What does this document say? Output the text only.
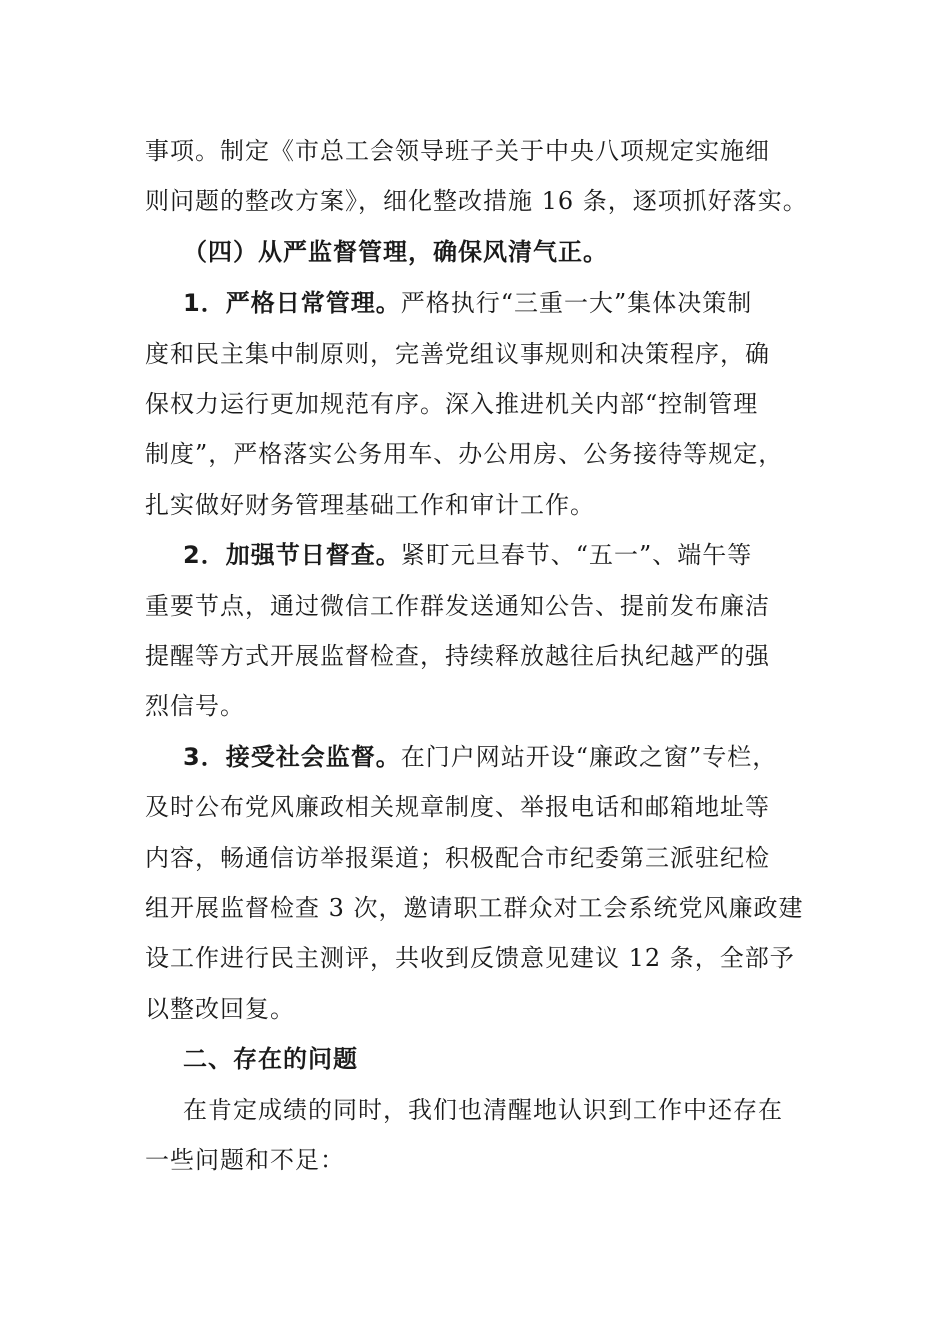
事项。制定《市总工会领导班子关于中央八项规定实施细
则问题的整改方案》，细化整改措施 16 条，逐项抓好落实。
（四）从严监督管理，确保风清气正。
1．严格日常管理。严格执行“三重一大”集体决策制
度和民主集中制原则，完善党组议事规则和决策程序，确
保权力运行更加规范有序。深入推进机关内部“控制管理
制度”，严格落实公务用车、办公用房、公务接待等规定，
扎实做好财务管理基础工作和审计工作。
2．加强节日督查。紧盯元旦春节、“五一”、端午等
重要节点，通过微信工作群发送通知公告、提前发布廉洁
提醒等方式开展监督检查，持续释放越往后执纪越严的强
烈信号。
3．接受社会监督。在门户网站开设“廉政之窗”专栏，
及时公布党风廉政相关规章制度、举报电话和邮箱地址等
内容，畅通信访举报渠道；积极配合市纪委第三派驻纪检
组开展监督检查 3 次，邀请职工群众对工会系统党风廉政建
设工作进行民主测评，共收到反馈意见建议 12 条，全部予
以整改回复。
二、存在的问题
在肯定成绩的同时，我们也清醒地认识到工作中还存在
一些问题和不足：
